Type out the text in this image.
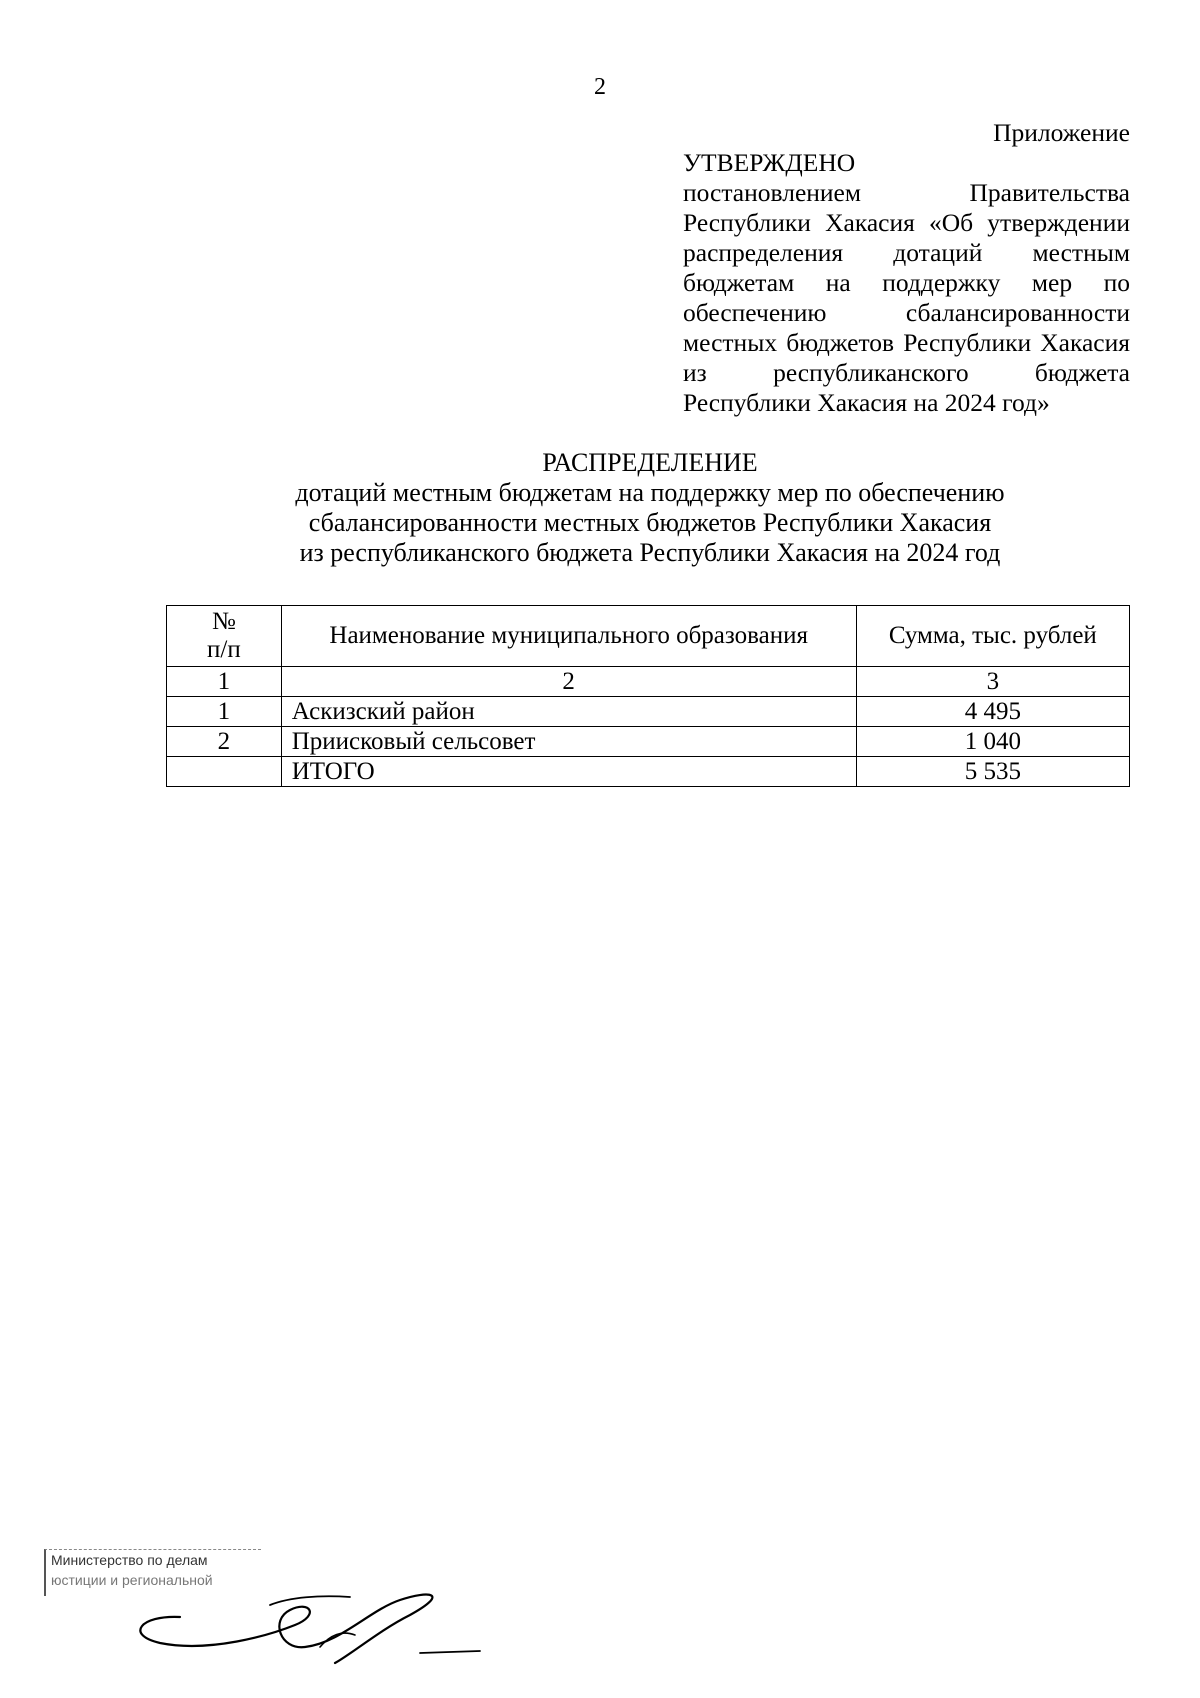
2
Приложение
УТВЕРЖДЕНО
постановлением Правительства Республики Хакасия «Об утверждении распределения дотаций местным бюджетам на поддержку мер по обеспечению сбалансированности местных бюджетов Республики Хакасия из республиканского бюджета Республики Хакасия на 2024 год»
РАСПРЕДЕЛЕНИЕ
дотаций местным бюджетам на поддержку мер по обеспечению
сбалансированности местных бюджетов Республики Хакасия
из республиканского бюджета Республики Хакасия на 2024 год
№
п/п	Наименование муниципального образования	Сумма, тыс. рублей
1	2	3
1	Аскизский район	4 495
2	Приисковый сельсовет	1 040
	ИТОГО	5 535
Министерство по делам
юстиции и региональной
